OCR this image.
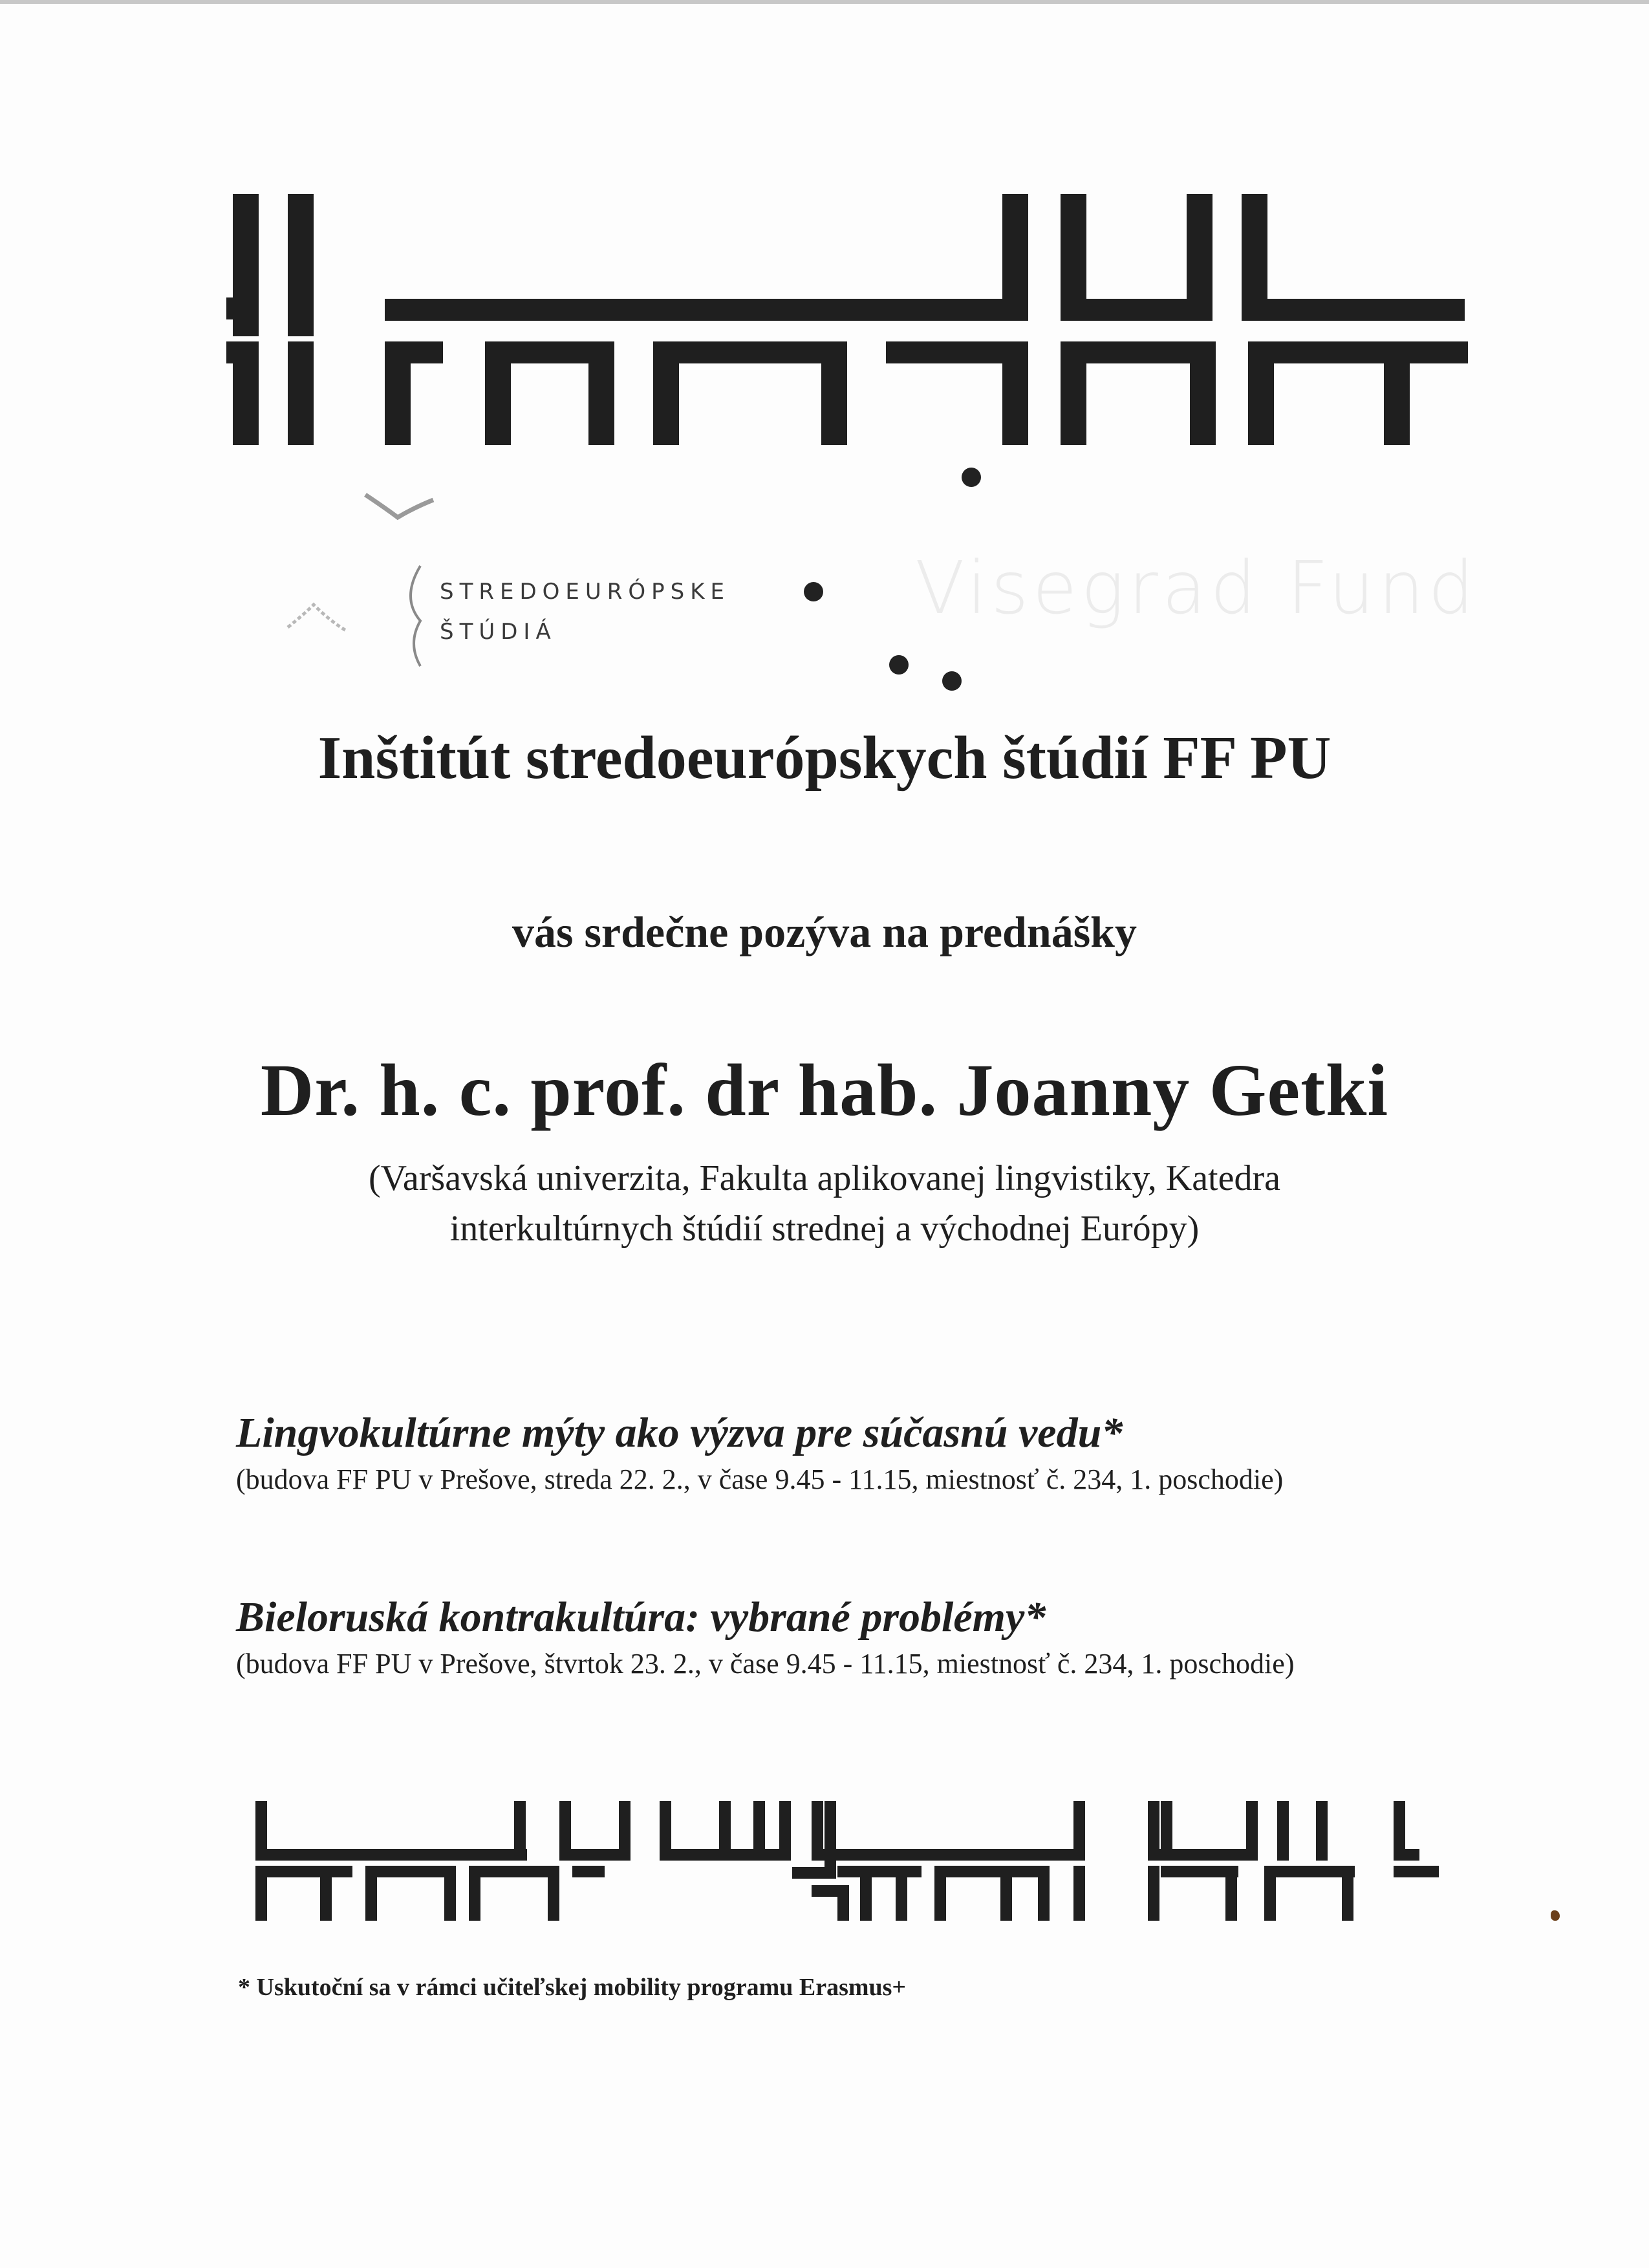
STREDOEURÓPSKE
ŠTÚDIÁ
Visegrad Fund
Inštitút stredoeurópskych štúdií FF PU
vás srdečne pozýva na prednášky
Dr. h. c. prof. dr hab. Joanny Getki
(Varšavská univerzita, Fakulta aplikovanej lingvistiky, Katedra
interkultúrnych štúdií strednej a východnej Európy)
Lingvokultúrne mýty ako výzva pre súčasnú vedu*
(budova FF PU v Prešove, streda 22. 2., v čase 9.45 - 11.15, miestnosť č. 234, 1. poschodie)
Bieloruská kontrakultúra: vybrané problémy*
(budova FF PU v Prešove, štvrtok 23. 2., v čase 9.45 - 11.15, miestnosť č. 234, 1. poschodie)
* Uskutoční sa v rámci učiteľskej mobility programu Erasmus+
